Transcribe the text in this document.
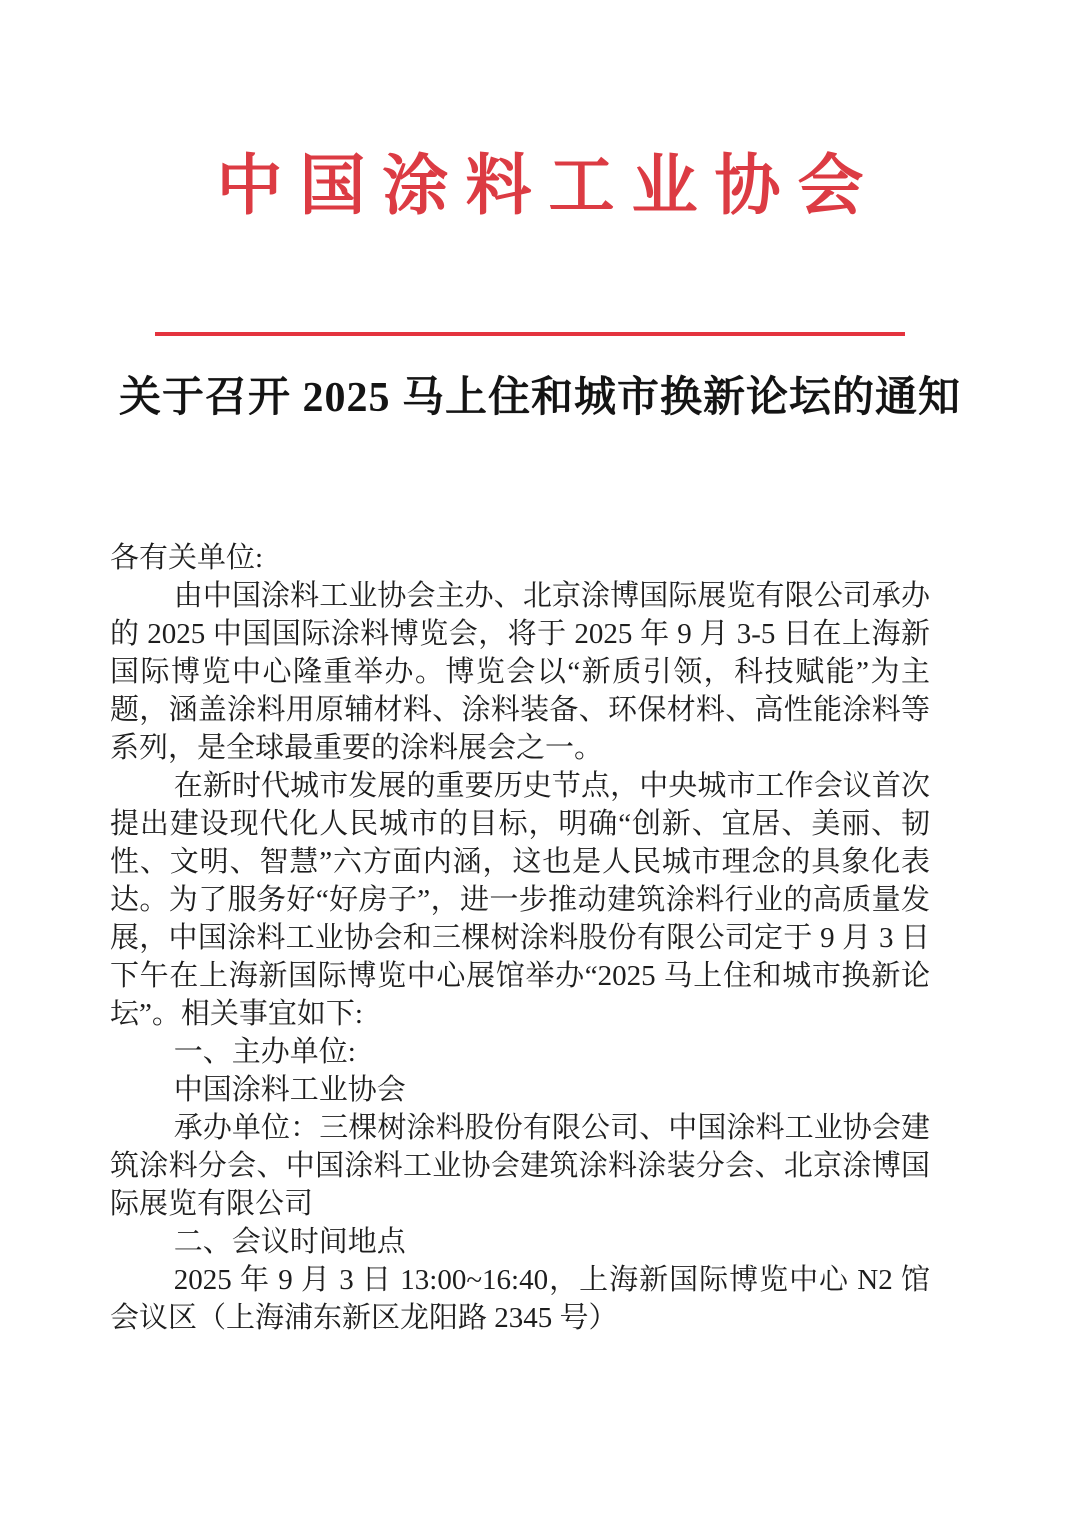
中国涂料工业协会
关于召开 2025 马上住和城市换新论坛的通知

各有关单位:

由中国涂料工业协会主办、北京涂博国际展览有限公司承办的 2025 中国国际涂料博览会，将于 2025 年 9 月 3-5 日在上海新国际博览中心隆重举办。博览会以“新质引领，科技赋能”为主题，涵盖涂料用原辅材料、涂料装备、环保材料、高性能涂料等系列，是全球最重要的涂料展会之一。

在新时代城市发展的重要历史节点，中央城市工作会议首次提出建设现代化人民城市的目标，明确“创新、宜居、美丽、韧性、文明、智慧”六方面内涵，这也是人民城市理念的具象化表达。为了服务好“好房子”，进一步推动建筑涂料行业的高质量发展，中国涂料工业协会和三棵树涂料股份有限公司定于 9 月 3 日下午在上海新国际博览中心展馆举办“2025 马上住和城市换新论坛”。相关事宜如下:

一、主办单位:

中国涂料工业协会

承办单位：三棵树涂料股份有限公司、中国涂料工业协会建筑涂料分会、中国涂料工业协会建筑涂料涂装分会、北京涂博国际展览有限公司

二、会议时间地点

2025 年 9 月 3 日 13:00~16:40，上海新国际博览中心 N2 馆会议区（上海浦东新区龙阳路 2345 号）
